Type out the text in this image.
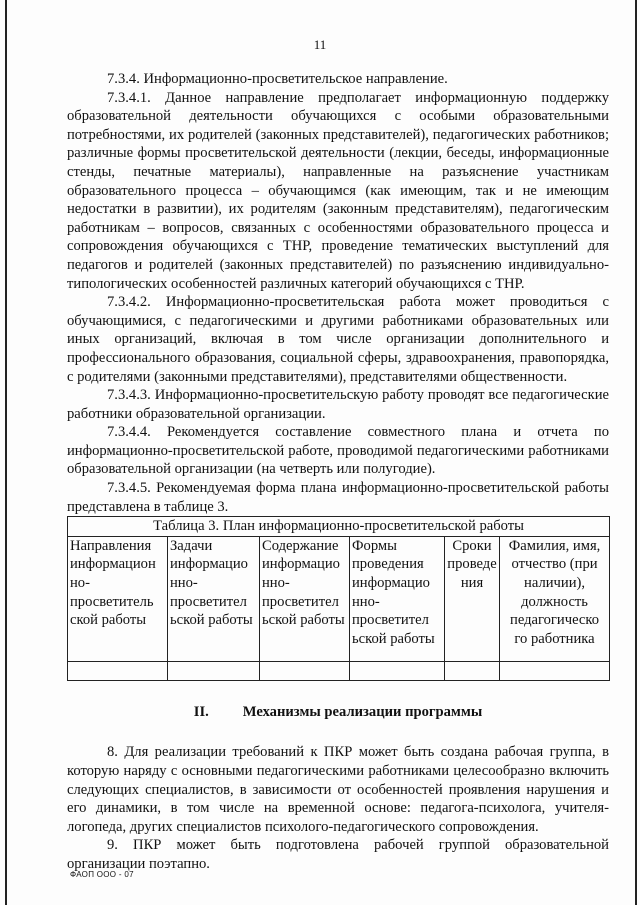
11

7.3.4. Информационно-просветительское направление.

7.3.4.1. Данное направление предполагает информационную поддержку образовательной деятельности обучающихся с особыми образовательными потребностями, их родителей (законных представителей), педагогических работников; различные формы просветительской деятельности (лекции, беседы, информационные стенды, печатные материалы), направленные на разъяснение участникам образовательного процесса – обучающимся (как имеющим, так и не имеющим недостатки в развитии), их родителям (законным представителям), педагогическим работникам – вопросов, связанных с особенностями образовательного процесса и сопровождения обучающихся с ТНР, проведение тематических выступлений для педагогов и родителей (законных представителей) по разъяснению индивидуально-типологических особенностей различных категорий обучающихся с ТНР.

7.3.4.2. Информационно-просветительская работа может проводиться с обучающимися, с педагогическими и другими работниками образовательных или иных организаций, включая в том числе организации дополнительного и профессионального образования, социальной сферы, здравоохранения, правопорядка, с родителями (законными представителями), представителями общественности.

7.3.4.3. Информационно-просветительскую работу проводят все педагогические работники образовательной организации.

7.3.4.4. Рекомендуется составление совместного плана и отчета по информационно-просветительской работе, проводимой педагогическими работниками образовательной организации (на четверть или полугодие).

7.3.4.5. Рекомендуемая форма плана информационно-просветительской работы представлена в таблице 3.

Таблица 3. План информационно-просветительской работы					
Направления информацион но-просветитель ской работы	Задачи информацио нно-просветител ьской работы	Содержание информацио нно-просветител ьской работы	Формы проведения информацио нно-просветител ьской работы	Сроки проведе ния	Фамилия, имя, отчество (при наличии), должность педагогическо го работника

II. Механизмы реализации программы

8. Для реализации требований к ПКР может быть создана рабочая группа, в которую наряду с основными педагогическими работниками целесообразно включить следующих специалистов, в зависимости от особенностей проявления нарушения и его динамики, в том числе на временной основе: педагога-психолога, учителя-логопеда, других специалистов психолого-педагогического сопровождения.

9. ПКР может быть подготовлена рабочей группой образовательной организации поэтапно.

ФАОП ООО - 07
